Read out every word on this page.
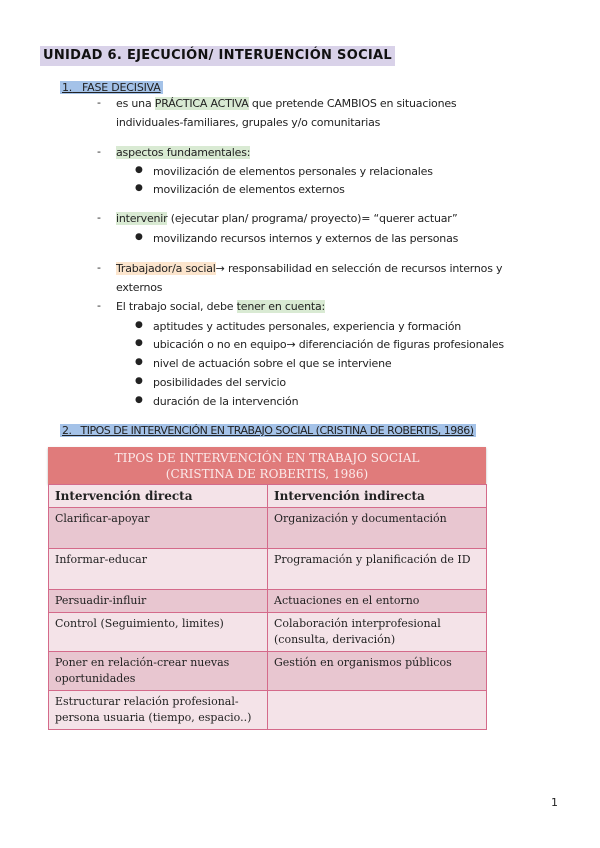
UNIDAD 6. EJECUCIÓN/ INTERUENCIÓN SOCIAL
1. FASE DECISIVA
- es una PRÁCTICA ACTIVA que pretende CAMBIOS en situaciones
individuales-familiares, grupales y/o comunitarias
- aspectos fundamentales:
● movilización de elementos personales y relacionales
● movilización de elementos externos
- intervenir (ejecutar plan/ programa/ proyecto)= “querer actuar”
● movilizando recursos internos y externos de las personas
- Trabajador/a social→ responsabilidad en selección de recursos internos y
externos
- El trabajo social, debe tener en cuenta:
● aptitudes y actitudes personales, experiencia y formación
● ubicación o no en equipo→ diferenciación de figuras profesionales
● nivel de actuación sobre el que se interviene
● posibilidades del servicio
● duración de la intervención
2. TIPOS DE INTERVENCIÓN EN TRABAJO SOCIAL (CRISTINA DE ROBERTIS, 1986)
TIPOS DE INTERVENCIÓN EN TRABAJO SOCIAL
(CRISTINA DE ROBERTIS, 1986)
Intervención directa	Intervención indirecta
Clarificar-apoyar	Organización y documentación
Informar-educar	Programación y planificación de ID
Persuadir-influir	Actuaciones en el entorno
Control (Seguimiento, limites)	Colaboración interprofesional (consulta, derivación)
Poner en relación-crear nuevas oportunidades	Gestión en organismos públicos
Estructurar relación profesional-persona usuaria (tiempo, espacio..)	
1
